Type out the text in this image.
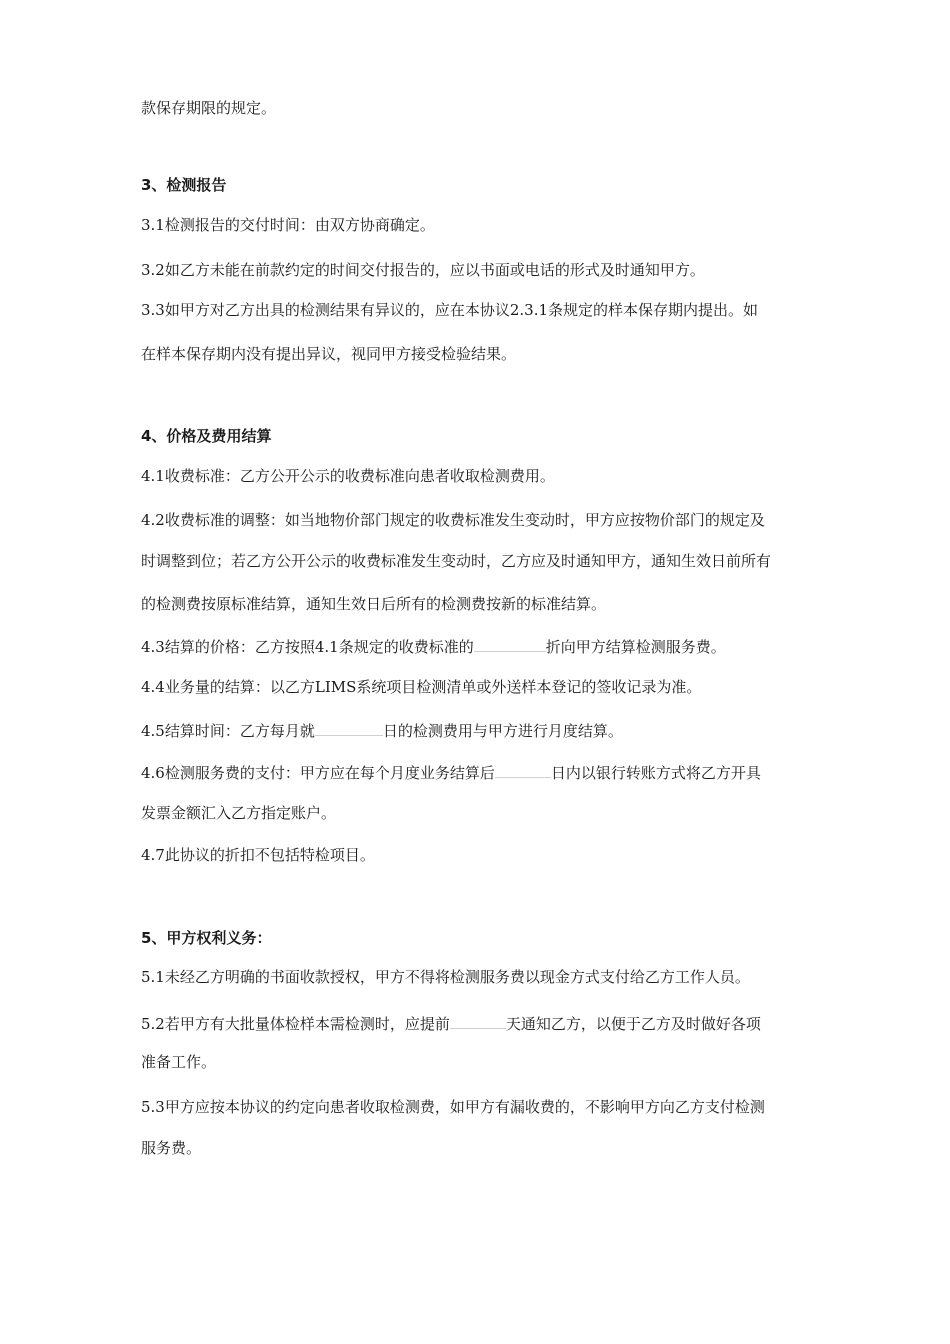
款保存期限的规定。
3、检测报告
3.1检测报告的交付时间：由双方协商确定。
3.2如乙方未能在前款约定的时间交付报告的，应以书面或电话的形式及时通知甲方。
3.3如甲方对乙方出具的检测结果有异议的，应在本协议2.3.1条规定的样本保存期内提出。如
在样本保存期内没有提出异议，视同甲方接受检验结果。
4、价格及费用结算
4.1收费标准：乙方公开公示的收费标准向患者收取检测费用。
4.2收费标准的调整：如当地物价部门规定的收费标准发生变动时，甲方应按物价部门的规定及
时调整到位；若乙方公开公示的收费标准发生变动时，乙方应及时通知甲方，通知生效日前所有
的检测费按原标准结算，通知生效日后所有的检测费按新的标准结算。
4.3结算的价格：乙方按照4.1条规定的收费标准的	折向甲方结算检测服务费。
4.4业务量的结算：以乙方LIMS系统项目检测清单或外送样本登记的签收记录为准。
4.5结算时间：乙方每月就	日的检测费用与甲方进行月度结算。
4.6检测服务费的支付：甲方应在每个月度业务结算后	日内以银行转账方式将乙方开具
发票金额汇入乙方指定账户。
4.7此协议的折扣不包括特检项目。
5、甲方权利义务：
5.1未经乙方明确的书面收款授权，甲方不得将检测服务费以现金方式支付给乙方工作人员。
5.2若甲方有大批量体检样本需检测时，应提前	天通知乙方，以便于乙方及时做好各项
准备工作。
5.3甲方应按本协议的约定向患者收取检测费，如甲方有漏收费的，不影响甲方向乙方支付检测
服务费。
